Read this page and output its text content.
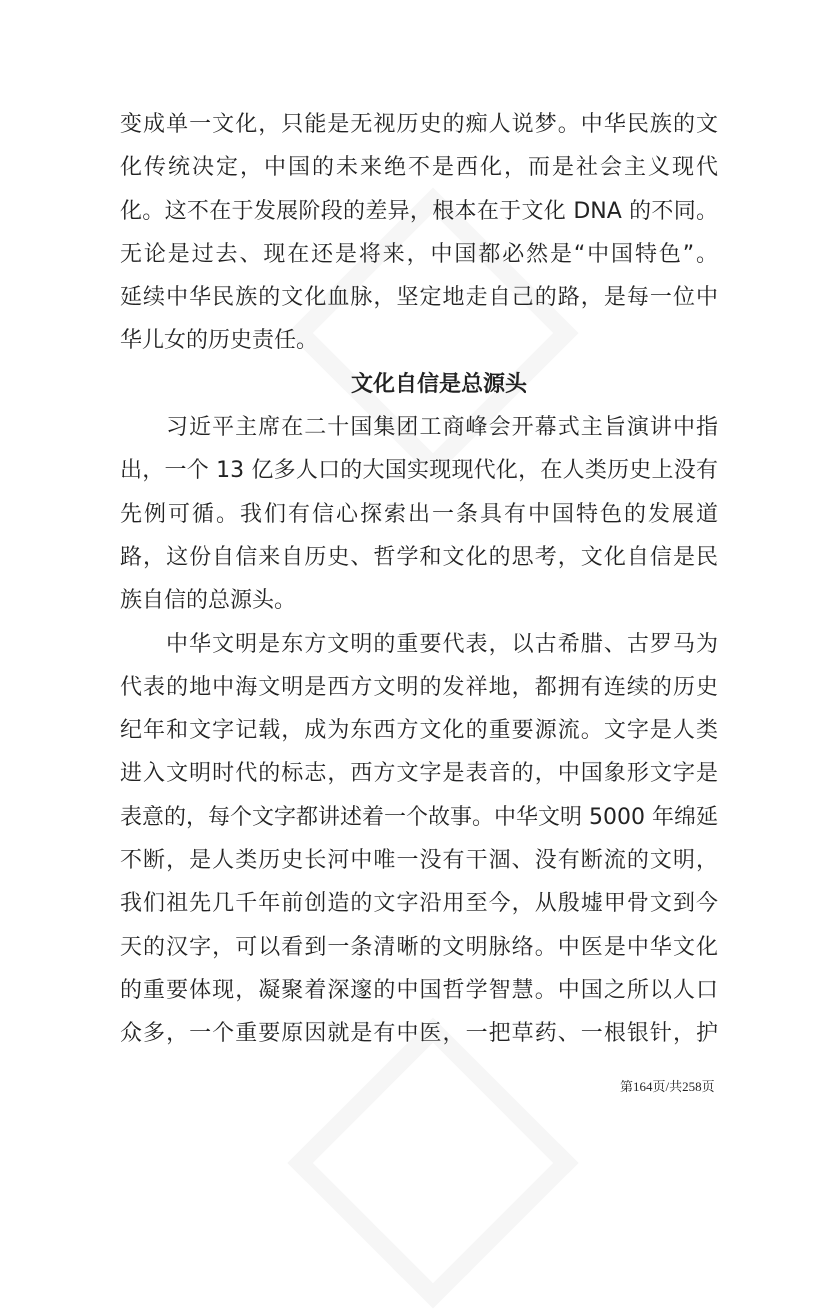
变成单一文化，只能是无视历史的痴人说梦。中华民族的文
化传统决定，中国的未来绝不是西化，而是社会主义现代
化。这不在于发展阶段的差异，根本在于文化 DNA 的不同。
无论是过去、现在还是将来，中国都必然是“中国特色”。
延续中华民族的文化血脉，坚定地走自己的路，是每一位中
华儿女的历史责任。
文化自信是总源头
习近平主席在二十国集团工商峰会开幕式主旨演讲中指
出，一个 13 亿多人口的大国实现现代化，在人类历史上没有
先例可循。我们有信心探索出一条具有中国特色的发展道
路，这份自信来自历史、哲学和文化的思考，文化自信是民
族自信的总源头。
中华文明是东方文明的重要代表，以古希腊、古罗马为
代表的地中海文明是西方文明的发祥地，都拥有连续的历史
纪年和文字记载，成为东西方文化的重要源流。文字是人类
进入文明时代的标志，西方文字是表音的，中国象形文字是
表意的，每个文字都讲述着一个故事。中华文明 5000 年绵延
不断，是人类历史长河中唯一没有干涸、没有断流的文明，
我们祖先几千年前创造的文字沿用至今，从殷墟甲骨文到今
天的汉字，可以看到一条清晰的文明脉络。中医是中华文化
的重要体现，凝聚着深邃的中国哲学智慧。中国之所以人口
众多，一个重要原因就是有中医，一把草药、一根银针，护
第164页/共258页
